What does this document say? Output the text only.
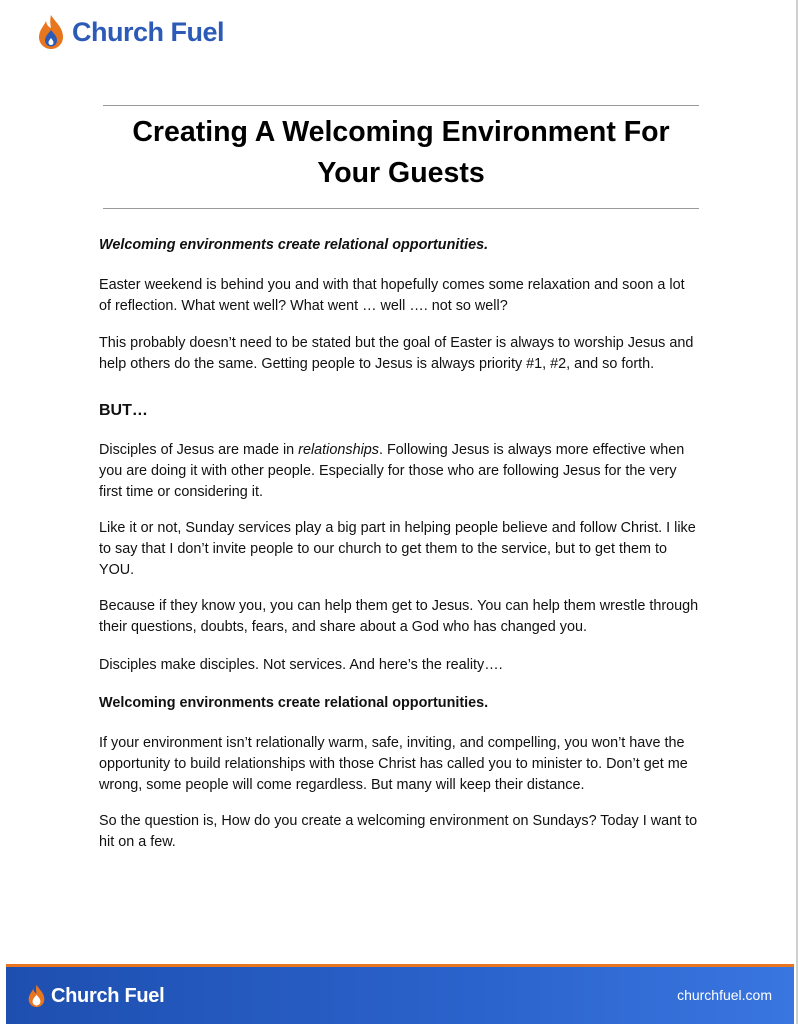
Church Fuel
Creating A Welcoming Environment For
Your Guests

Welcoming environments create relational opportunities.

Easter weekend is behind you and with that hopefully comes some relaxation and soon a lot of reflection. What went well? What went … well …. not so well?

This probably doesn’t need to be stated but the goal of Easter is always to worship Jesus and help others do the same. Getting people to Jesus is always priority #1, #2, and so forth.

BUT…

Disciples of Jesus are made in relationships. Following Jesus is always more effective when you are doing it with other people. Especially for those who are following Jesus for the very first time or considering it.

Like it or not, Sunday services play a big part in helping people believe and follow Christ. I like to say that I don’t invite people to our church to get them to the service, but to get them to YOU.

Because if they know you, you can help them get to Jesus. You can help them wrestle through their questions, doubts, fears, and share about a God who has changed you.

Disciples make disciples. Not services. And here’s the reality….

Welcoming environments create relational opportunities.

If your environment isn’t relationally warm, safe, inviting, and compelling, you won’t have the opportunity to build relationships with those Christ has called you to minister to. Don’t get me wrong, some people will come regardless. But many will keep their distance.

So the question is, How do you create a welcoming environment on Sundays? Today I want to hit on a few.

Church Fuel	churchfuel.com
